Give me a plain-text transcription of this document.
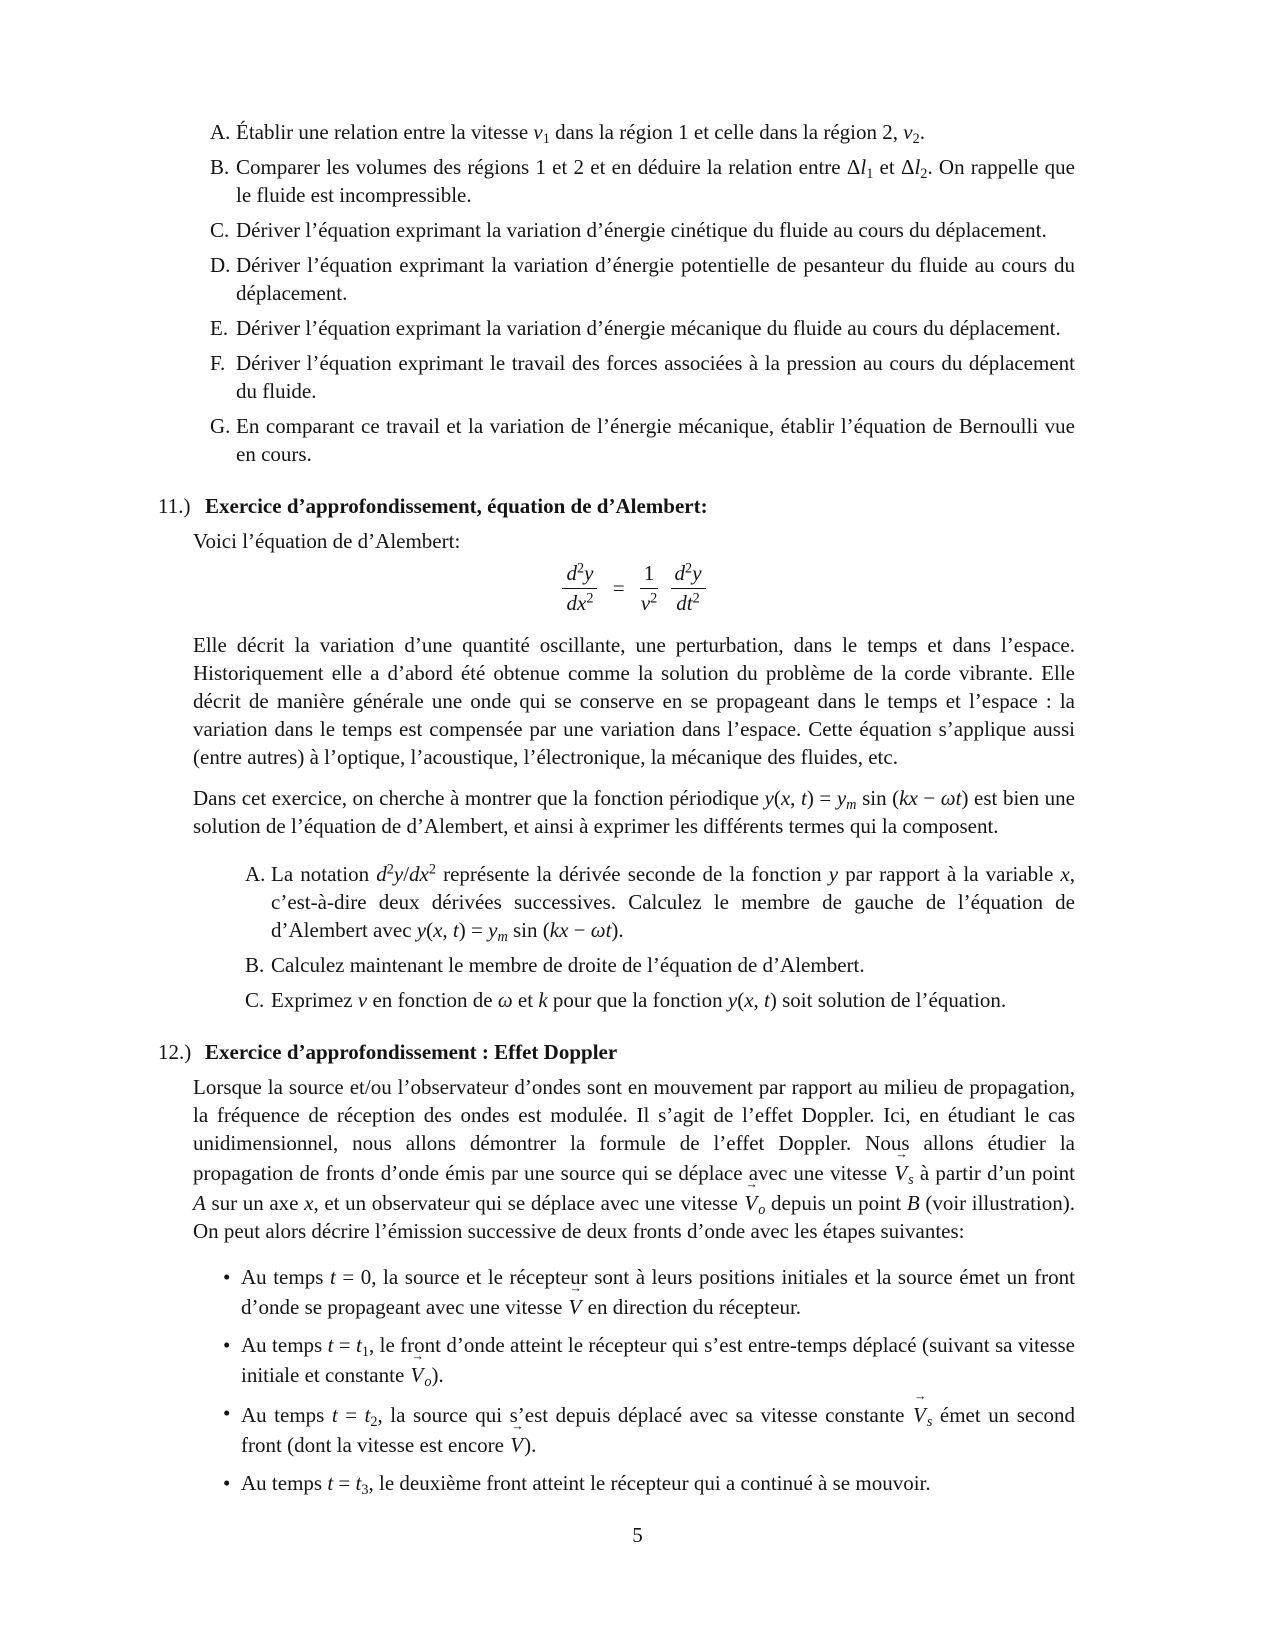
A. Établir une relation entre la vitesse $v_1$ dans la région 1 et celle dans la région 2, $v_2$.
B. Comparer les volumes des régions 1 et 2 et en déduire la relation entre $\Delta l_1$ et $\Delta l_2$. On rappelle que le fluide est incompressible.
C. Dériver l’équation exprimant la variation d’énergie cinétique du fluide au cours du déplacement.
D. Dériver l’équation exprimant la variation d’énergie potentielle de pesanteur du fluide au cours du déplacement.
E. Dériver l’équation exprimant la variation d’énergie mécanique du fluide au cours du déplacement.
F. Dériver l’équation exprimant le travail des forces associées à la pression au cours du déplacement du fluide.
G. En comparant ce travail et la variation de l’énergie mécanique, établir l’équation de Bernoulli vue en cours.
11.) Exercice d’approfondissement, équation de d’Alembert:

Voici l’équation de d’Alembert:

$\frac{d^2y}{dx^2} = \frac{1}{v^2}$
$\frac{d^2y}{dt^2}$

Elle décrit la variation d’une quantité oscillante, une perturbation, dans le temps et dans l’espace. Historiquement elle a d’abord été obtenue comme la solution du problème de la corde vibrante. Elle décrit de manière générale une onde qui se conserve en se propageant dans le temps et l’espace : la variation dans le temps est compensée par une variation dans l’espace. Cette équation s’applique aussi (entre autres) à l’optique, l’acoustique, l’électronique, la mécanique des fluides, etc.

Dans cet exercice, on cherche à montrer que la fonction périodique y(x, $t) = y_m$ sin (kx − ωt) est bien une solution de l’équation de d’Alembert, et ainsi à exprimer les différents termes qui la composent.

A. La notation $d^2y/dx^2$ représente la dérivée seconde de la fonction y par rapport à la variable x, c’est-à-dire deux dérivées successives. Calculez le membre de gauche de l’équation de d’Alembert avec y(x, $t) = y_m$ sin (kx − ωt).
B. Calculez maintenant le membre de droite de l’équation de d’Alembert.
C. Exprimez v en fonction de ω et k pour que la fonction y(x, t) soit solution de l’équation.
12.) Exercice d’approfondissement : Effet Doppler

Lorsque la source et/ou l’observateur d’ondes sont en mouvement par rapport au milieu de propagation, la fréquence de réception des ondes est modulée. Il s’agit de l’effet Doppler. Ici, en étudiant le cas unidimensionnel, nous allons démontrer la formule de l’effet Doppler. Nous allons étudier la propagation de fronts d’onde émis par une source qui se déplace avec une vitesse → $V_s$ à partir d’un point A sur un axe x, et un observateur qui se déplace avec une vitesse → $V_o$ depuis un point B (voir illustration). On peut alors décrire l’émission successive de deux fronts d’onde avec les étapes suivantes:

• Au temps t = 0, la source et le récepteur sont à leurs positions initiales et la source émet un front d’onde se propageant avec une vitesse → V en direction du récepteur.
• Au temps $t = t_1$, le front d’onde atteint le récepteur qui s’est entre-temps déplacé (suivant sa vitesse initiale et constante → $V_o$).
• Au temps $t = t_2$, la source qui s’est depuis déplacé avec sa vitesse constante → $V_s$ émet un second front (dont la vitesse est encore → V).
• Au temps $t = t_3$, le deuxième front atteint le récepteur qui a continué à se mouvoir.
5
